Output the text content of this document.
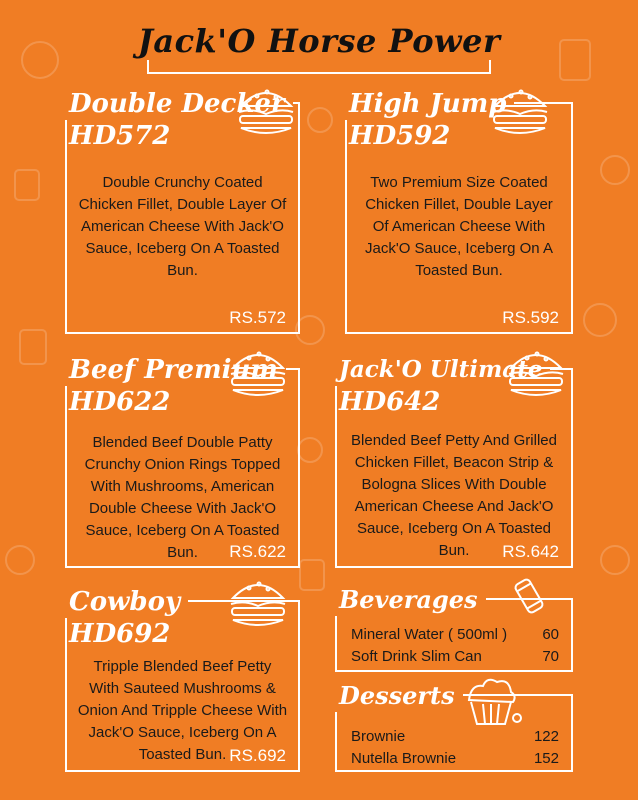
Jack'O Horse Power
Double Decker
HD572
Double Crunchy Coated Chicken Fillet, Double Layer Of American Cheese With Jack'O Sauce, Iceberg On A Toasted Bun.
RS.572
High Jump
HD592
Two Premium Size Coated Chicken Fillet, Double Layer Of American Cheese With Jack'O Sauce, Iceberg On A Toasted Bun.
RS.592
Beef Premium
HD622
Blended Beef Double Patty Crunchy Onion Rings Topped With Mushrooms, American Double Cheese With Jack'O Sauce, Iceberg On A Toasted Bun.	RS.622
Jack'O Ultimate
HD642
Blended Beef Petty And Grilled Chicken Fillet, Beacon Strip & Bologna Slices With Double American Cheese And Jack'O Sauce, Iceberg On A Toasted Bun.	RS.642
Cowboy
HD692
Tripple Blended Beef Petty With Sauteed Mushrooms & Onion And Tripple Cheese With Jack'O Sauce, Iceberg On A Toasted Bun. RS.692
Beverages
Mineral Water ( 500ml ) 60
Soft Drink Slim Can	70
Desserts
Brownie	122
Nutella Brownie	152
